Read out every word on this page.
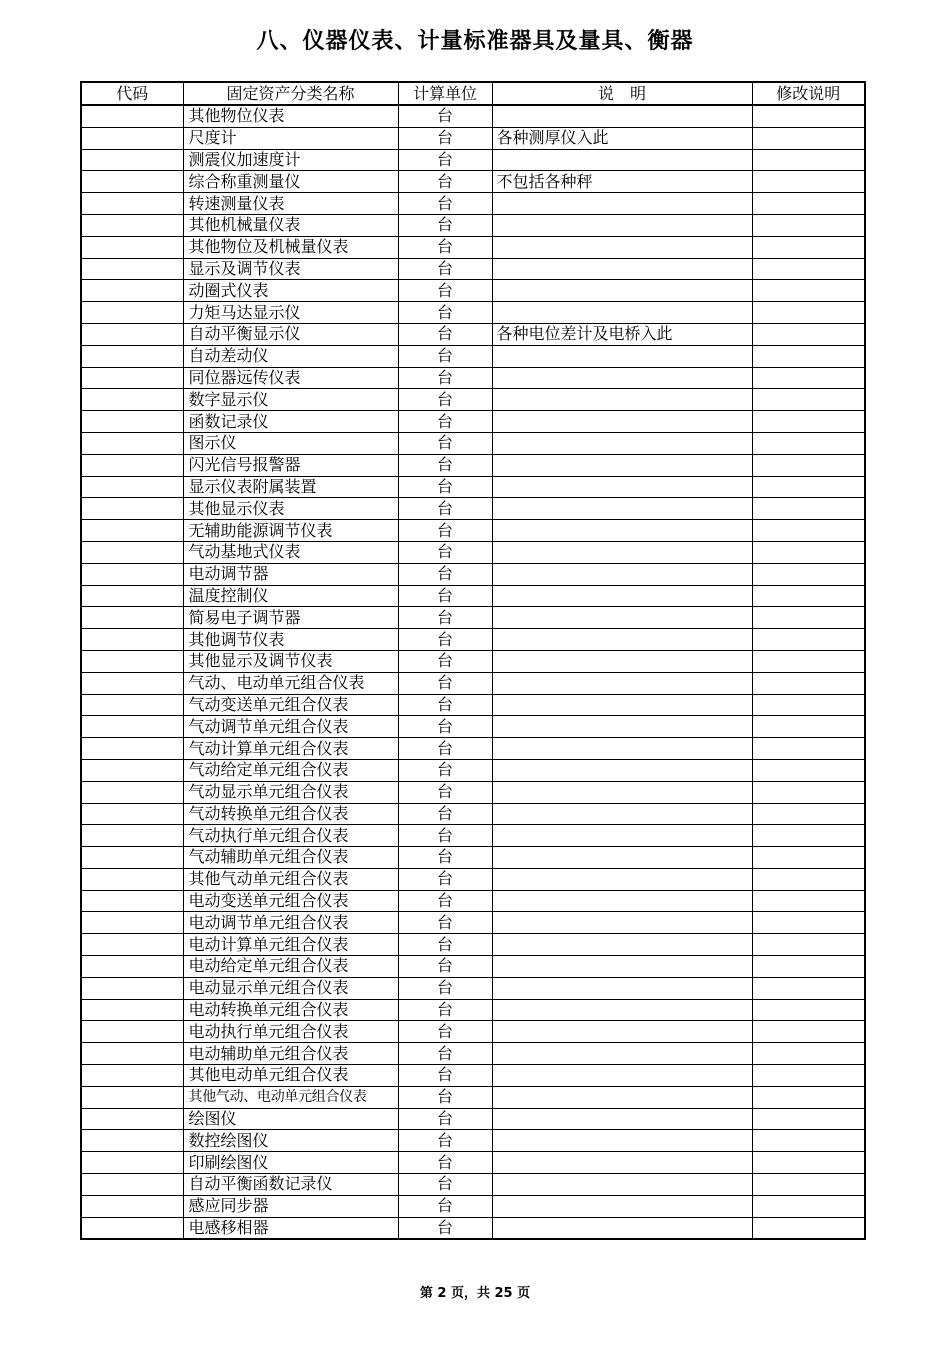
八、仪器仪表、计量标准器具及量具、衡器
代码	固定资产分类名称	计算单位	说　明	修改说明
	其他物位仪表	台		
	尺度计	台	各种测厚仪入此	
	测震仪加速度计	台		
	综合称重测量仪	台	不包括各种秤	
	转速测量仪表	台		
	其他机械量仪表	台		
	其他物位及机械量仪表	台		
	显示及调节仪表	台		
	动圈式仪表	台		
	力矩马达显示仪	台		
	自动平衡显示仪	台	各种电位差计及电桥入此	
	自动差动仪	台		
	同位器远传仪表	台		
	数字显示仪	台		
	函数记录仪	台		
	图示仪	台		
	闪光信号报警器	台		
	显示仪表附属装置	台		
	其他显示仪表	台		
	无辅助能源调节仪表	台		
	气动基地式仪表	台		
	电动调节器	台		
	温度控制仪	台		
	简易电子调节器	台		
	其他调节仪表	台		
	其他显示及调节仪表	台		
	气动、电动单元组合仪表	台		
	气动变送单元组合仪表	台		
	气动调节单元组合仪表	台		
	气动计算单元组合仪表	台		
	气动给定单元组合仪表	台		
	气动显示单元组合仪表	台		
	气动转换单元组合仪表	台		
	气动执行单元组合仪表	台		
	气动辅助单元组合仪表	台		
	其他气动单元组合仪表	台		
	电动变送单元组合仪表	台		
	电动调节单元组合仪表	台		
	电动计算单元组合仪表	台		
	电动给定单元组合仪表	台		
	电动显示单元组合仪表	台		
	电动转换单元组合仪表	台		
	电动执行单元组合仪表	台		
	电动辅助单元组合仪表	台		
	其他电动单元组合仪表	台		
	其他气动、电动单元组合仪表	台		
	绘图仪	台		
	数控绘图仪	台		
	印刷绘图仪	台		
	自动平衡函数记录仪	台		
	感应同步器	台		
	电感移相器	台		
第 2 页，共 25 页
